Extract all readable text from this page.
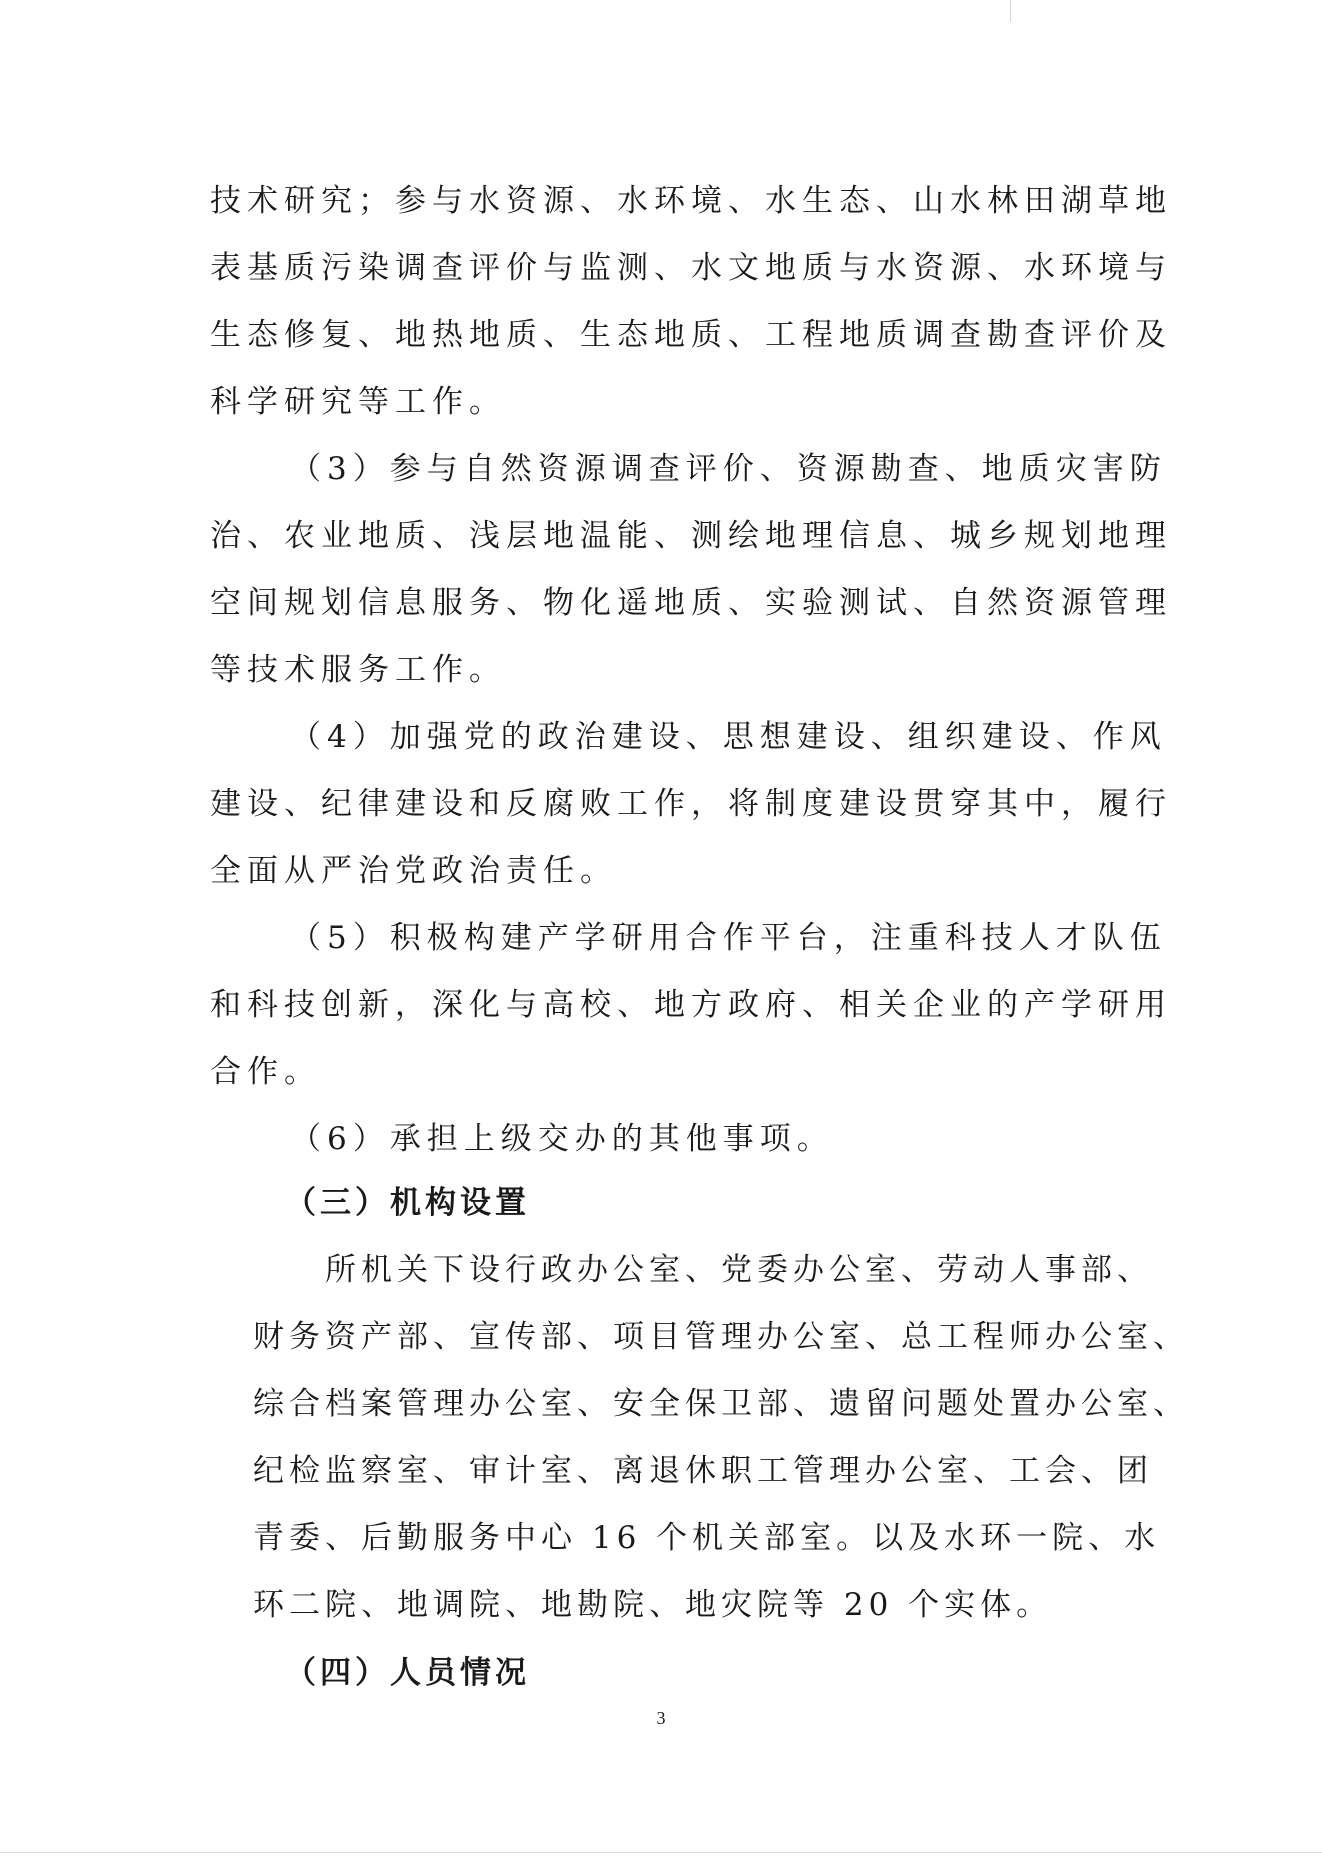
技术研究；参与水资源、水环境、水生态、山水林田湖草地
表基质污染调查评价与监测、水文地质与水资源、水环境与
生态修复、地热地质、生态地质、工程地质调查勘查评价及
科学研究等工作。
（3）参与自然资源调查评价、资源勘查、地质灾害防
治、农业地质、浅层地温能、测绘地理信息、城乡规划地理
空间规划信息服务、物化遥地质、实验测试、自然资源管理
等技术服务工作。
（4）加强党的政治建设、思想建设、组织建设、作风
建设、纪律建设和反腐败工作，将制度建设贯穿其中，履行
全面从严治党政治责任。
（5）积极构建产学研用合作平台，注重科技人才队伍
和科技创新，深化与高校、地方政府、相关企业的产学研用
合作。
（6）承担上级交办的其他事项。
（三）机构设置
所机关下设行政办公室、党委办公室、劳动人事部、
财务资产部、宣传部、项目管理办公室、总工程师办公室、
综合档案管理办公室、安全保卫部、遗留问题处置办公室、
纪检监察室、审计室、离退休职工管理办公室、工会、团
青委、后勤服务中心 16 个机关部室。以及水环一院、水
环二院、地调院、地勘院、地灾院等 20 个实体。
（四）人员情况
3
